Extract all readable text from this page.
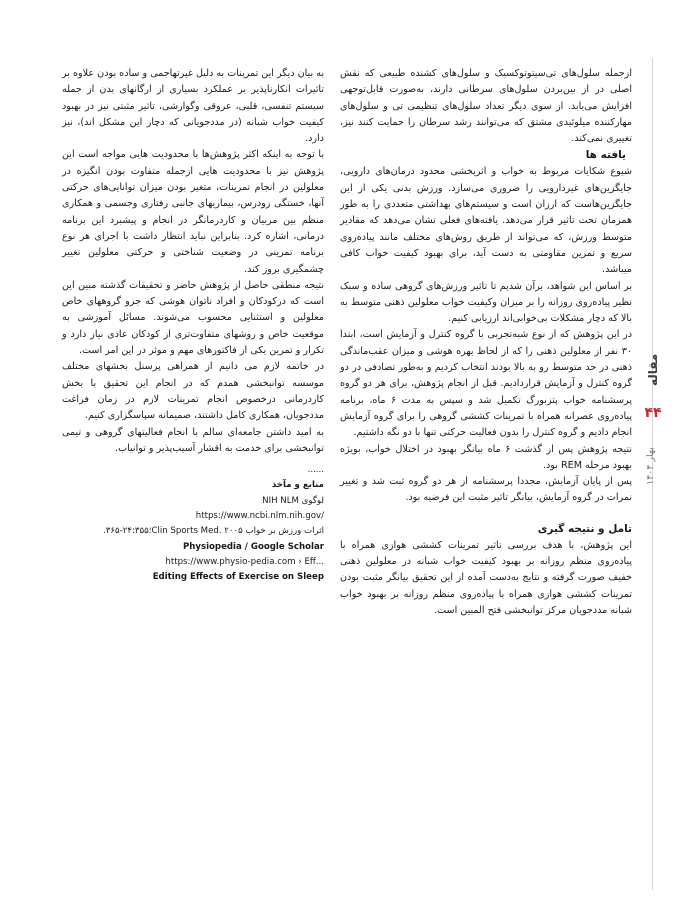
ازجمله سلول‌های تی‌سیتوتوکسیک و سلول‌های کشنده طبیعی که نقش اصلی در از بین‌بردن سلول‌های سرطانی دارند، به‌صورت قابل‌توجهی افزایش می‌یابد. از سوی دیگر تعداد سلول‌های تنظیمی تی و سلول‌های مهارکننده میلوئیدی مشتق که می‌توانند رشد سرطان را حمایت کنند نیز، تغییری نمی‌کند.

یافته ها

شیوع شکایات مربوط به خواب و اثربخشی محدود درمان‌های دارویی، جایگزین‌های غیردارویی را ضروری می‌سازد. ورزش بدنی یکی از این جایگزین‌هاست که ارزان است و سیستم‌های بهداشتی متعددی را به طور همزمان تحت تاثیر قرار می‌دهد. یافته‌های فعلی نشان می‌دهد که مقادیر متوسط ورزش، که می‌تواند از طریق روش‌های مختلف مانند پیاده‌روی سریع و تمرین مقاومتی به دست آید، برای بهبود کیفیت خواب کافی میباشد.

بر اساس این شواهد، برآن شدیم تا تاثیر ورزش‌های گروهی ساده و سبک نظیر پیاده‌روی روزانه را بر میزان وکیفیت خواب معلولین ذهنی متوسط به بالا که دچار مشکلات بی‌خوابی‌اند ارزیابی کنیم.

در این پژوهش که از نوع شبه‌تجربی با گروه کنترل و آزمایش است، ابتدا ۳۰ نفر از معلولین ذهنی را که از لحاظ بهره هوشی و میزان عقب‌ماندگی ذهنی در حد متوسط رو به بالا بودند انتخاب کردیم و به‌طور تصادفی در دو گروه کنترل و آزمایش قراردادیم. قبل از انجام پژوهش، برای هر دو گروه پرسشنامه خواب پتزبورگ تکمیل شد و سپس به مدت ۶ ماه، برنامه پیاده‌روی عصرانه همراه با تمرینات کششی گروهی را برای گروه آزمایش انجام دادیم و گروه کنترل را بدون فعالیت حرکتی تنها با دو نگه داشتیم.

نتیجه پژوهش پس از گذشت ۶ ماه بیانگر بهبود در اختلال خواب، بویژه بهبود مرحله REM بود.

پس از پایان آزمایش، مجددا پرسشنامه از هر دو گروه ثبت شد و تغییر نمرات در گروه آزمایش، بیانگر تاثیر مثبت این فرضیه بود.

تامل و نتیجه گیری

این پژوهش، با هدف بررسی تاثیر تمرینات کششی هوازی همراه با پیاده‌روی منظم روزانه بر بهبود کیفیت خواب شبانه در معلولین ذهنی خفیف صورت گرفته و نتایج به‌دست آمده از این تحقیق بیانگر مثبت بودن تمرینات کششی هوازی همراه با پیاده‌روی منظم روزانه بر بهبود خواب شبانه مددجویان مرکز توانبخشی فتح المبین است.

به بیان دیگر این تمرینات به دلیل غیرتهاجمی و ساده بودن علاوه بر تاثیرات انکارناپذیر بر عملکرد بسیاری از ارگانهای بدن از جمله سیستم تنفسی، قلبی، عروقی وگوارشی، تاثیر مثبتی نیز در بهبود کیفیت خواب شبانه (در مددجویانی که دچار این مشکل اند)، نیز دارد.

با توجه به اینکه اکثر پژوهش‌ها با محدودیت هایی مواجه است این پژوهش نیز با محدودیت هایی ازجمله متفاوت بودن انگیزه در معلولین در انجام تمرینات، متغیر بودن میزان توانایی‌های حرکتی آنها، خستگی زودرس، بیماریهای جانبی رفتاری وجسمی و همکاری منظم بین مربیان و کاردرمانگر در انجام و پیشبرد این برنامه درمانی، اشاره کرد. بنابراین نباید انتظار داشت با اجرای هر نوع برنامه تمرینی در وضعیت شناختی و حرکتی معلولین تغییر چشمگیری بروز کند.

نتیجه منطقی حاصل از پژوهش حاضر و تحقیقات گذشته مبین این است که درکودکان و افراد ناتوان هوشی که جزو گروههای خاص معلولین و استثنایی محسوب می‌شوند. مسائل آموزشی به موقعیت خاص و روشهای متفاوت‌تری از کودکان عادی نیاز دارد و تکرار و تمرین یکی از فاکتورهای مهم و موثر در این امر است.

در خاتمه لازم می دانیم از همراهی پرسنل بخشهای مختلف موسسه توانبخشی همدم که در انجام این تحقیق با بخش کاردرمانی درخصوص انجام تمرینات لازم در زمان فراغت مددجویان، همکاری کامل داشتند، صمیمانه سپاسگزاری کنیم.

به امید داشتن جامعه‌ای سالم با انجام فعالیتهای گروهی و تیمی توانبخشی برای خدمت به اقشار آسیب‌پذیر و توانیاب.

......
منابع و مآخذ
لوگوی NIH NLM
https://www.ncbi.nlm.nih.gov/
اثرات ورزش بر خواب Clin Sports Med. ۲۰۰۵؛۲۴:۳۵۵-۳۶۵.
Physiopedia / Google Scholar
https://www.physio-pedia.com › Eff...
Editing Effects of Exercise on Sleep
مقاله
۴۴
بهار ۱۴۰۴
